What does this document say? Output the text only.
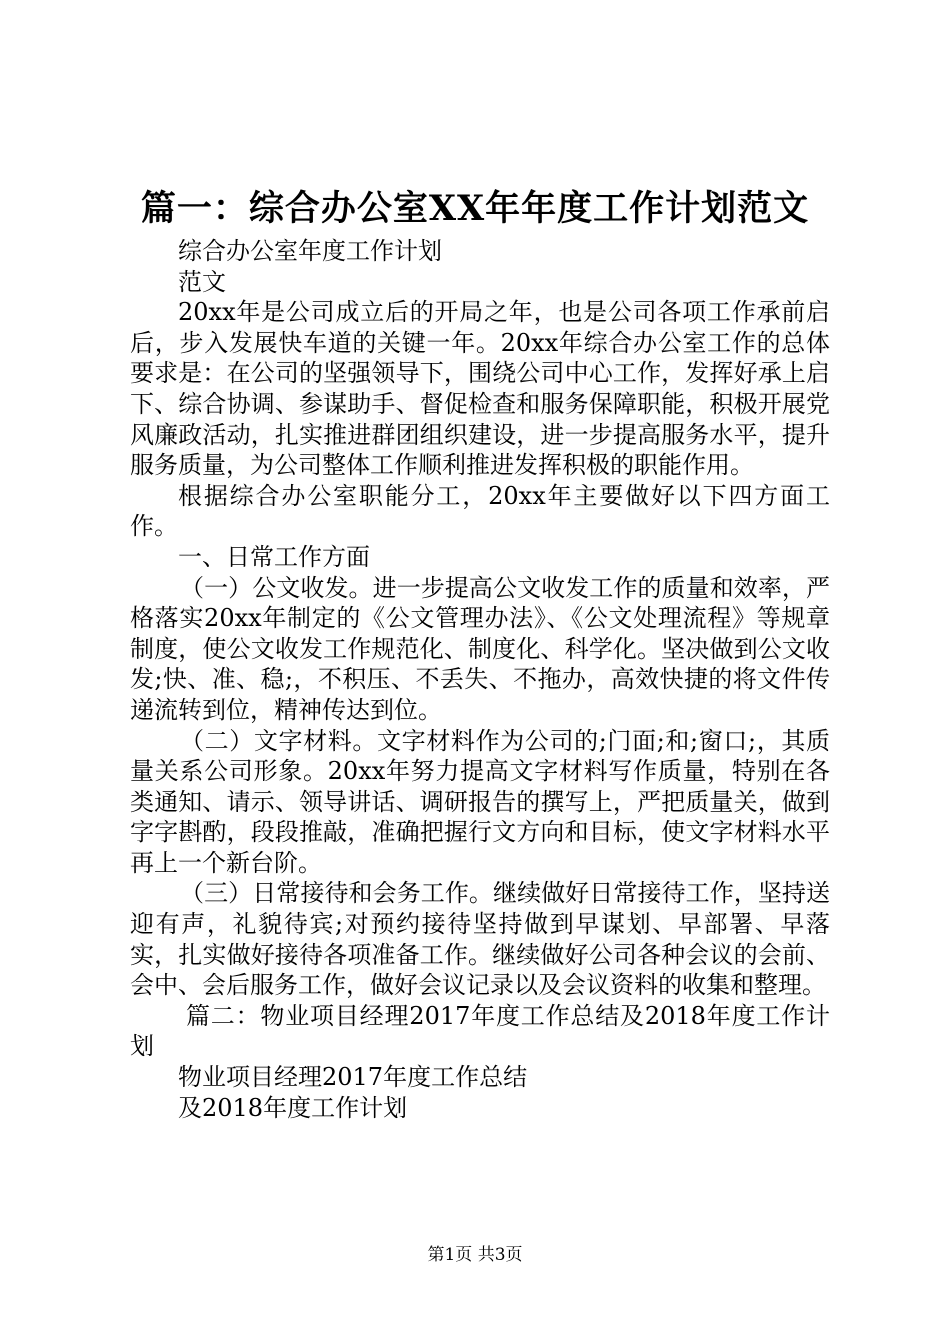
篇一：综合办公室XX年年度工作计划范文

综合办公室年度工作计划

范文

20xx年是公司成立后的开局之年，也是公司各项工作承前启后，步入发展快车道的关键一年。20xx年综合办公室工作的总体要求是：在公司的坚强领导下，围绕公司中心工作，发挥好承上启下、综合协调、参谋助手、督促检查和服务保障职能，积极开展党风廉政活动，扎实推进群团组织建设，进一步提高服务水平，提升服务质量，为公司整体工作顺利推进发挥积极的职能作用。

根据综合办公室职能分工，20xx年主要做好以下四方面工作。

一、日常工作方面

（一）公文收发。进一步提高公文收发工作的质量和效率，严格落实20xx年制定的《公文管理办法》、《公文处理流程》等规章制度，使公文收发工作规范化、制度化、科学化。坚决做到公文收发;快、准、稳;，不积压、不丢失、不拖办，高效快捷的将文件传递流转到位，精神传达到位。

（二）文字材料。文字材料作为公司的;门面;和;窗口;，其质量关系公司形象。20xx年努力提高文字材料写作质量，特别在各类通知、请示、领导讲话、调研报告的撰写上，严把质量关，做到字字斟酌，段段推敲，准确把握行文方向和目标，使文字材料水平再上一个新台阶。

（三）日常接待和会务工作。继续做好日常接待工作，坚持送迎有声，礼貌待宾;对预约接待坚持做到早谋划、早部署、早落实，扎实做好接待各项准备工作。继续做好公司各种会议的会前、会中、会后服务工作，做好会议记录以及会议资料的收集和整理。

篇二：物业项目经理2017年度工作总结及2018年度工作计划

物业项目经理2017年度工作总结

及2018年度工作计划

第1页 共3页
